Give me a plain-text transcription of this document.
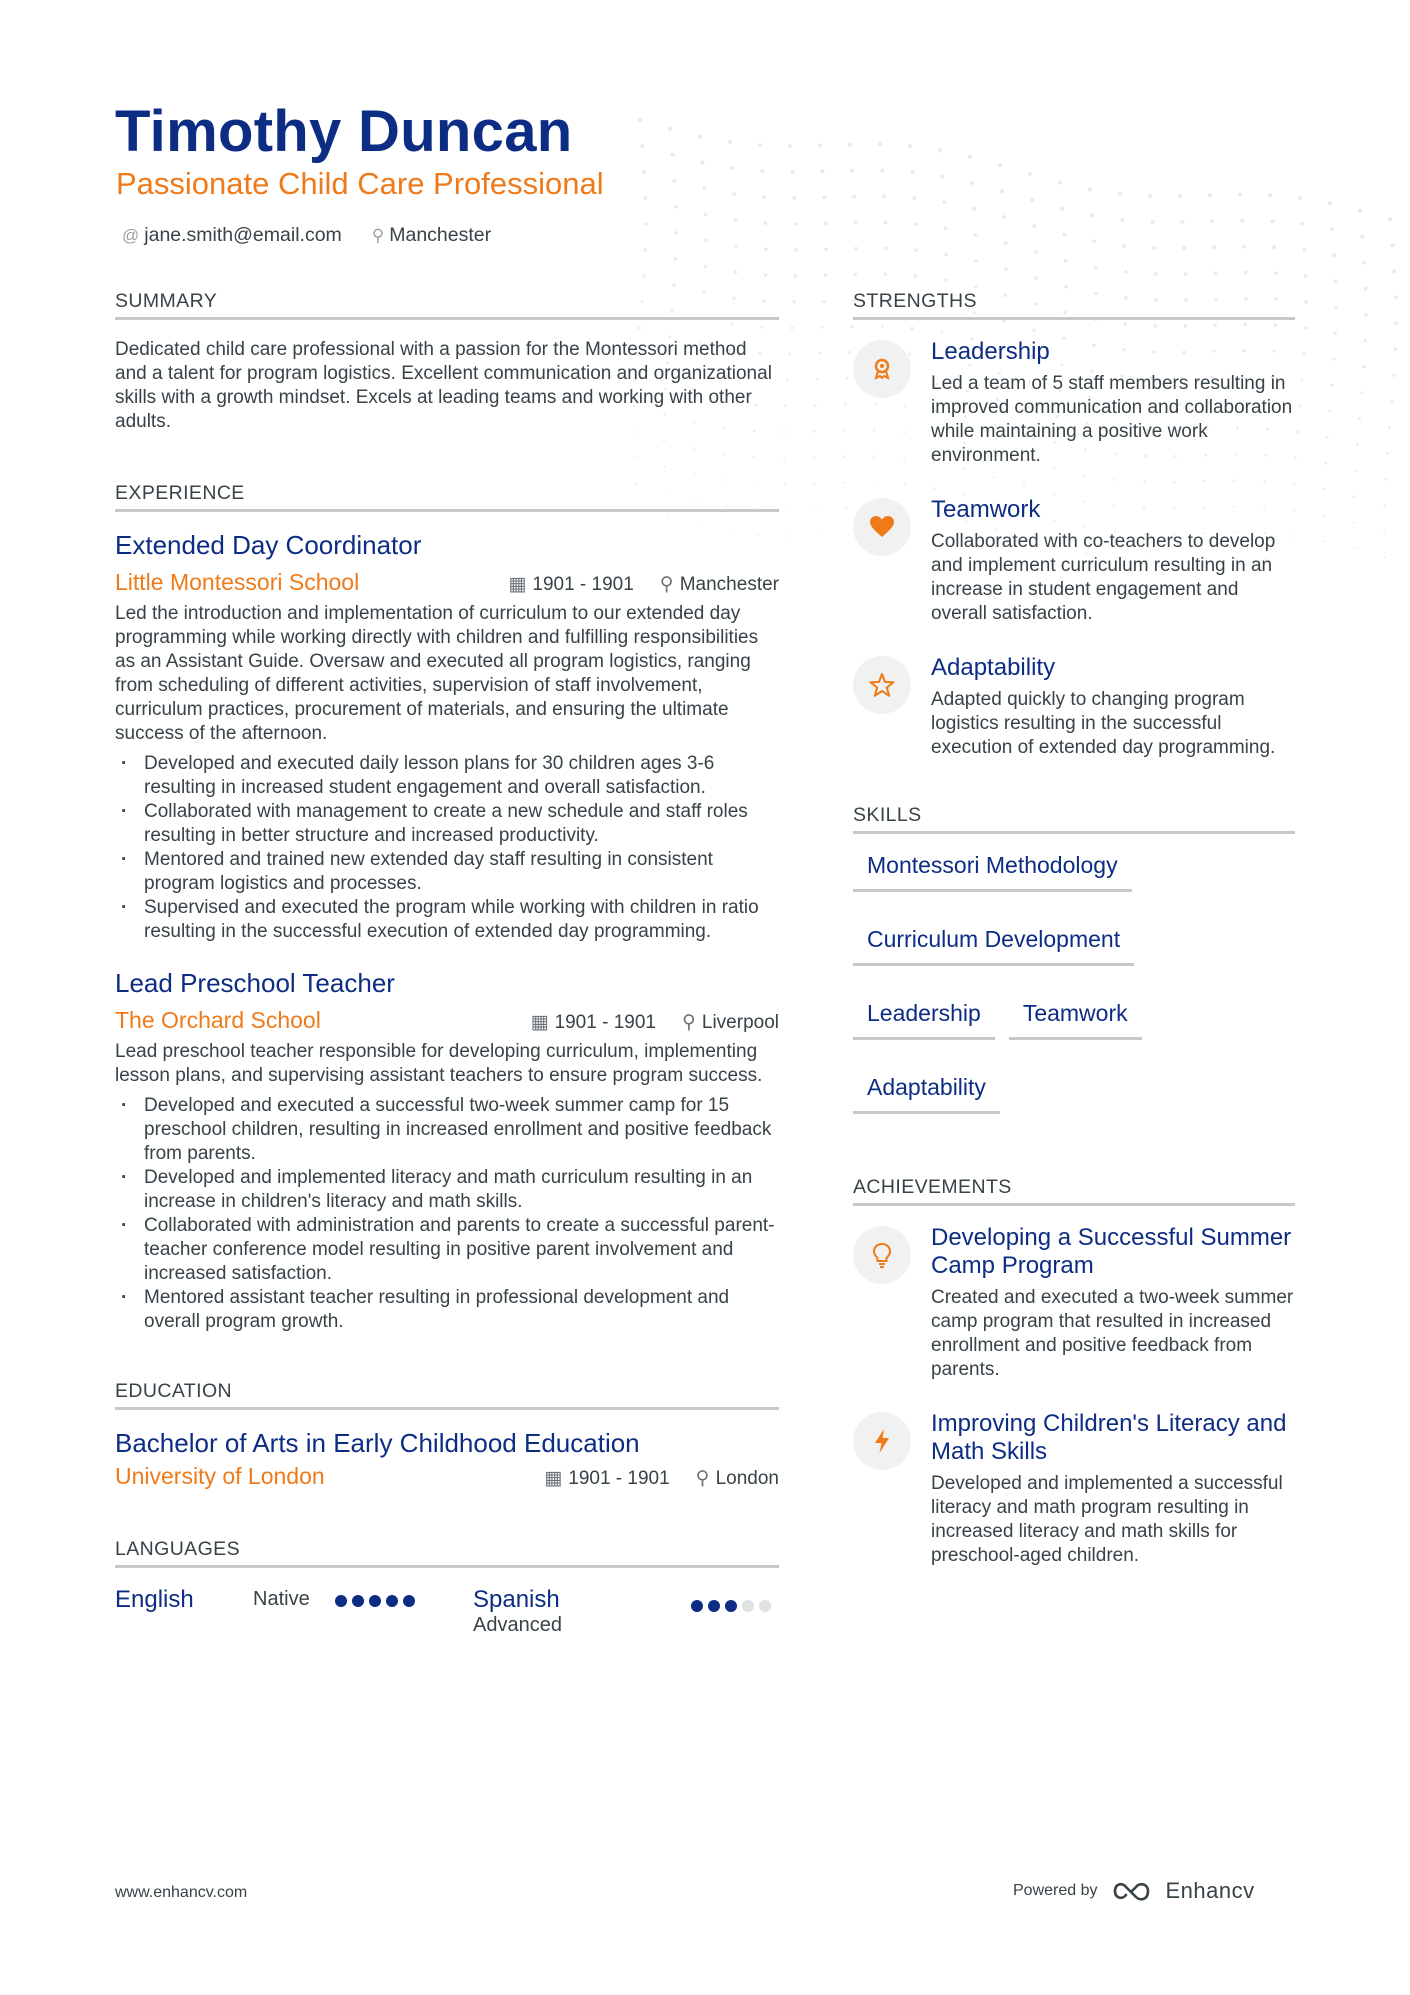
Timothy Duncan
Passionate Child Care Professional
@ jane.smith@email.com ⚲ Manchester
SUMMARY
Dedicated child care professional with a passion for the Montessori method and a talent for program logistics. Excellent communication and organizational skills with a growth mindset. Excels at leading teams and working with other adults.
EXPERIENCE
Extended Day Coordinator
Little Montessori School	▦ 1901 - 1901 ⚲ Manchester
Led the introduction and implementation of curriculum to our extended day programming while working directly with children and fulfilling responsibilities as an Assistant Guide. Oversaw and executed all program logistics, ranging from scheduling of different activities, supervision of staff involvement, curriculum practices, procurement of materials, and ensuring the ultimate success of the afternoon.
· Developed and executed daily lesson plans for 30 children ages 3-6 resulting in increased student engagement and overall satisfaction.
· Collaborated with management to create a new schedule and staff roles resulting in better structure and increased productivity.
· Mentored and trained new extended day staff resulting in consistent program logistics and processes.
· Supervised and executed the program while working with children in ratio resulting in the successful execution of extended day programming.
Lead Preschool Teacher
The Orchard School	▦ 1901 - 1901 ⚲ Liverpool
Lead preschool teacher responsible for developing curriculum, implementing lesson plans, and supervising assistant teachers to ensure program success.
· Developed and executed a successful two-week summer camp for 15 preschool children, resulting in increased enrollment and positive feedback from parents.
· Developed and implemented literacy and math curriculum resulting in an increase in children's literacy and math skills.
· Collaborated with administration and parents to create a successful parent-teacher conference model resulting in positive parent involvement and increased satisfaction.
· Mentored assistant teacher resulting in professional development and overall program growth.
EDUCATION
Bachelor of Arts in Early Childhood Education
University of London	▦ 1901 - 1901 ⚲ London
LANGUAGES
English	Native	Spanish
Advanced
STRENGTHS
Leadership
Led a team of 5 staff members resulting in improved communication and collaboration while maintaining a positive work environment.
Teamwork
Collaborated with co-teachers to develop and implement curriculum resulting in an increase in student engagement and overall satisfaction.
Adaptability
Adapted quickly to changing program logistics resulting in the successful execution of extended day programming.
SKILLS
Montessori Methodology
Curriculum Development
Leadership	Teamwork
Adaptability
ACHIEVEMENTS
Developing a Successful Summer Camp Program
Created and executed a two-week summer camp program that resulted in increased enrollment and positive feedback from parents.
Improving Children's Literacy and Math Skills
Developed and implemented a successful literacy and math program resulting in increased literacy and math skills for preschool-aged children.
www.enhancv.com	Powered by	Enhancv
